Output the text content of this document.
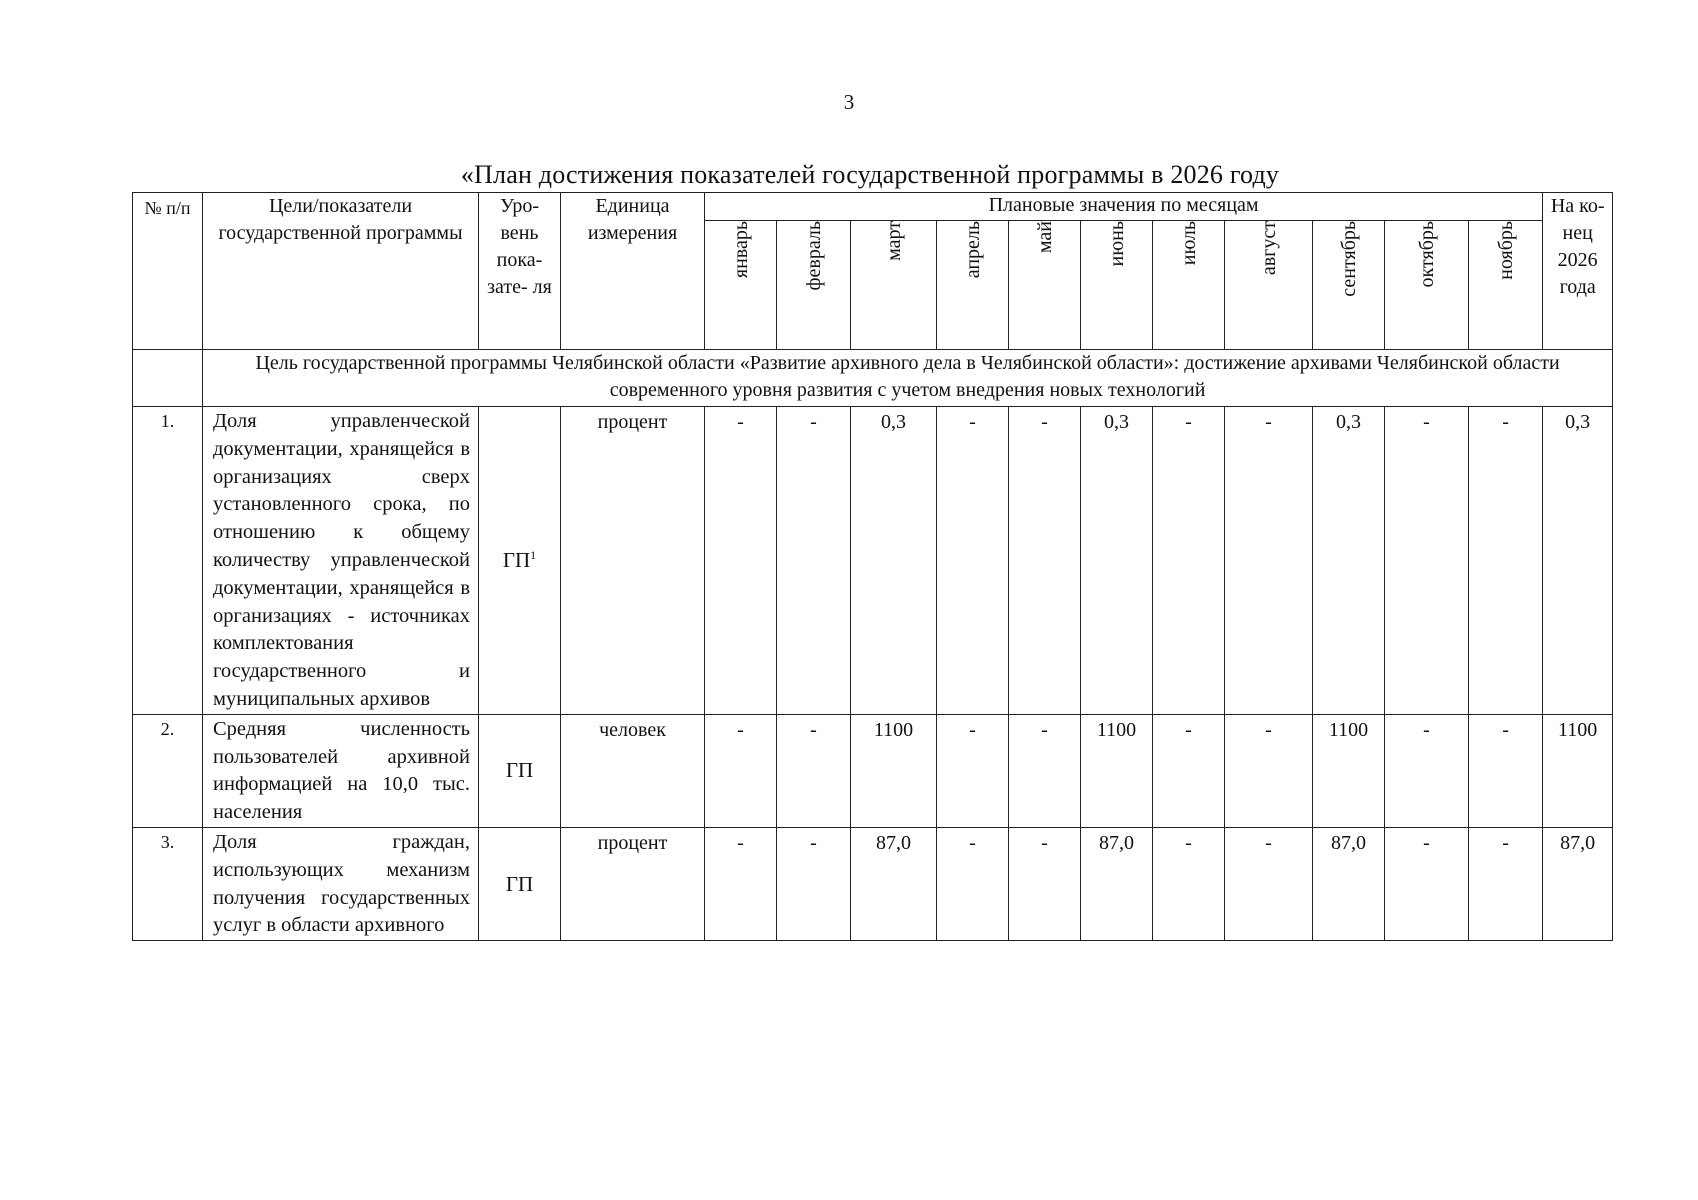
3
«План достижения показателей государственной программы в 2026 году
№ п/п	Цели/показатели государственной программы	Уро- вень пока- зате- ля	Единица измерения	Плановые значения по месяцам											На ко- нец 2026 года
				январь	февраль	март	апрель	май	июнь	июль	август	сентябрь	октябрь	ноябрь	
	Цель государственной программы Челябинской области «Развитие архивного дела в Челябинской области»: достижение архивами Челябинской области современного уровня развития с учетом внедрения новых технологий														
1.	Доля управленческой документации, хранящейся в организациях сверх установленного срока, по отношению к общему количеству управленческой документации, хранящейся в организациях - источниках комплектования государственного и муниципальных архивов	$ГП^1$	процент	-	-	0,3	-	-	0,3	-	-	0,3	-	-	0,3
2.	Средняя численность пользователей архивной информацией на 10,0 тыс. населения	ГП	человек	-	-	1100	-	-	1100	-	-	1100	-	-	1100
3.	Доля граждан, использующих механизм получения государственных услуг в области архивного	ГП	процент	-	-	87,0	-	-	87,0	-	-	87,0	-	-	87,0
